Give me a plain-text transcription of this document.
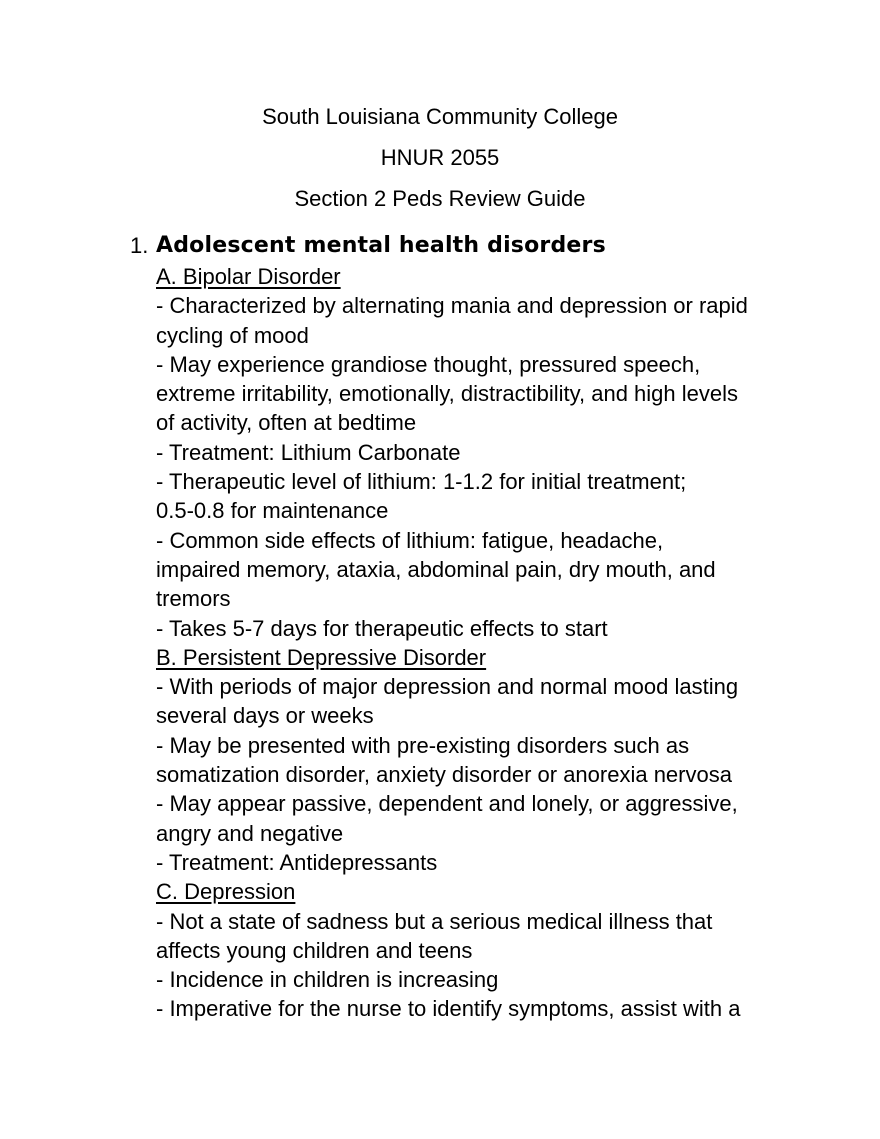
South Louisiana Community College
HNUR 2055
Section 2 Peds Review Guide
1. Adolescent mental health disorders
A. Bipolar Disorder
- Characterized by alternating mania and depression or rapid
cycling of mood
- May experience grandiose thought, pressured speech,
extreme irritability, emotionally, distractibility, and high levels
of activity, often at bedtime
- Treatment: Lithium Carbonate
- Therapeutic level of lithium: 1-1.2 for initial treatment;
0.5-0.8 for maintenance
- Common side effects of lithium: fatigue, headache,
impaired memory, ataxia, abdominal pain, dry mouth, and
tremors
- Takes 5-7 days for therapeutic effects to start
B. Persistent Depressive Disorder
- With periods of major depression and normal mood lasting
several days or weeks
- May be presented with pre-existing disorders such as
somatization disorder, anxiety disorder or anorexia nervosa
- May appear passive, dependent and lonely, or aggressive,
angry and negative
- Treatment: Antidepressants
C. Depression
- Not a state of sadness but a serious medical illness that
affects young children and teens
- Incidence in children is increasing
- Imperative for the nurse to identify symptoms, assist with a
